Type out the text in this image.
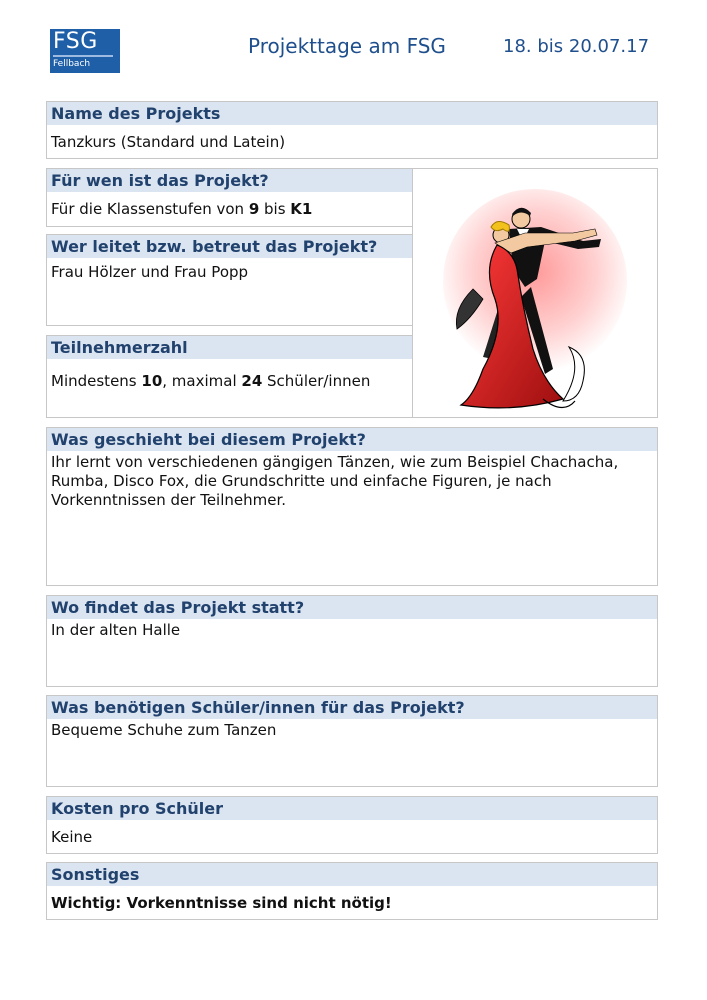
FSG
Fellbach
Projekttage am FSG	18. bis 20.07.17
Name des Projekts
Tanzkurs (Standard und Latein)
Für wen ist das Projekt?
Für die Klassenstufen von 9 bis K1
Wer leitet bzw. betreut das Projekt?
Frau Hölzer und Frau Popp
Teilnehmerzahl
Mindestens 10, maximal 24 Schüler/innen
Was geschieht bei diesem Projekt?
Ihr lernt von verschiedenen gängigen Tänzen, wie zum Beispiel Chachacha, Rumba, Disco Fox, die Grundschritte und einfache Figuren, je nach Vorkenntnissen der Teilnehmer.
Wo findet das Projekt statt?
In der alten Halle
Was benötigen Schüler/innen für das Projekt?
Bequeme Schuhe zum Tanzen
Kosten pro Schüler
Keine
Sonstiges
Wichtig: Vorkenntnisse sind nicht nötig!
